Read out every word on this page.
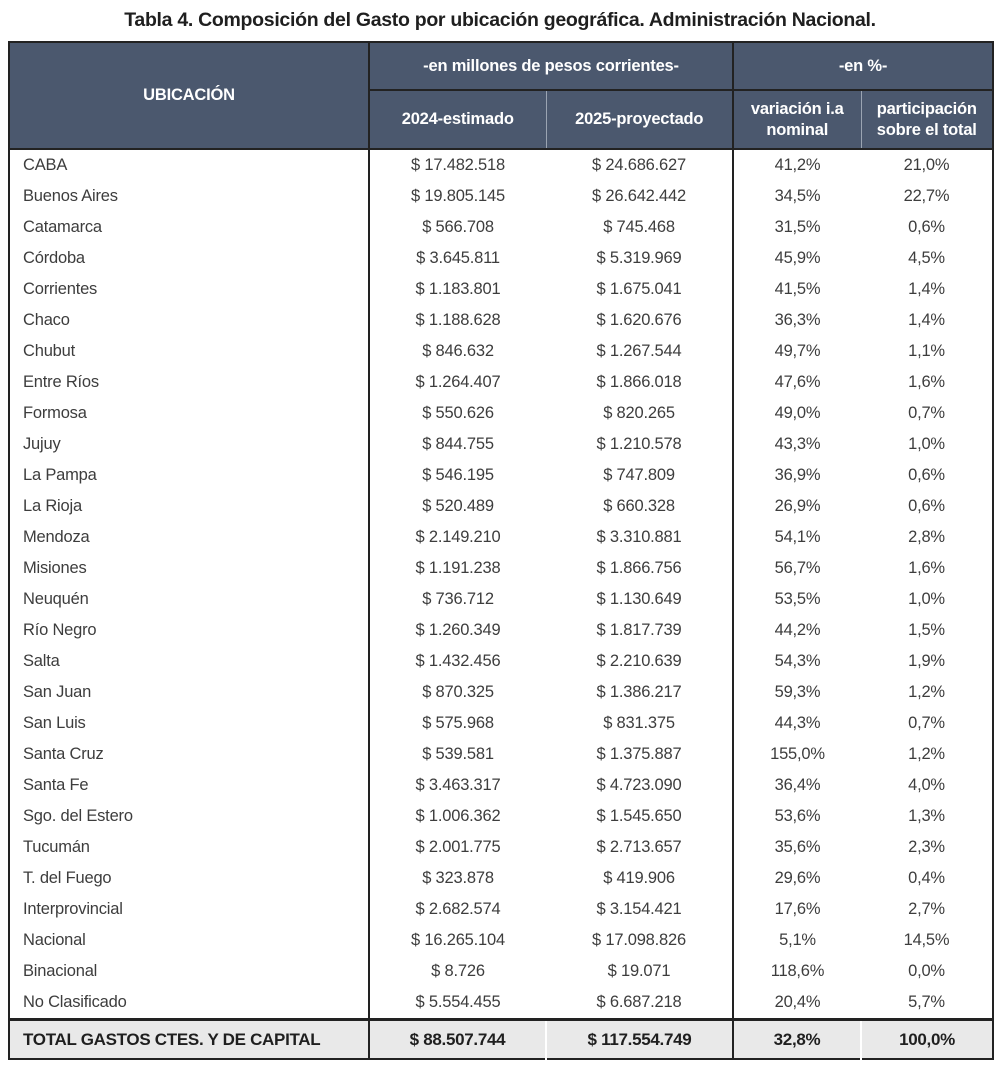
Tabla 4. Composición del Gasto por ubicación geográfica. Administración Nacional.
UBICACIÓN	-en millones de pesos corrientes-		-en %-	
	2024-estimado	2025-proyectado	variación i.a nominal	participación sobre el total
CABA	$ 17.482.518	$ 24.686.627	41,2%	21,0%
Buenos Aires	$ 19.805.145	$ 26.642.442	34,5%	22,7%
Catamarca	$ 566.708	$ 745.468	31,5%	0,6%
Córdoba	$ 3.645.811	$ 5.319.969	45,9%	4,5%
Corrientes	$ 1.183.801	$ 1.675.041	41,5%	1,4%
Chaco	$ 1.188.628	$ 1.620.676	36,3%	1,4%
Chubut	$ 846.632	$ 1.267.544	49,7%	1,1%
Entre Ríos	$ 1.264.407	$ 1.866.018	47,6%	1,6%
Formosa	$ 550.626	$ 820.265	49,0%	0,7%
Jujuy	$ 844.755	$ 1.210.578	43,3%	1,0%
La Pampa	$ 546.195	$ 747.809	36,9%	0,6%
La Rioja	$ 520.489	$ 660.328	26,9%	0,6%
Mendoza	$ 2.149.210	$ 3.310.881	54,1%	2,8%
Misiones	$ 1.191.238	$ 1.866.756	56,7%	1,6%
Neuquén	$ 736.712	$ 1.130.649	53,5%	1,0%
Río Negro	$ 1.260.349	$ 1.817.739	44,2%	1,5%
Salta	$ 1.432.456	$ 2.210.639	54,3%	1,9%
San Juan	$ 870.325	$ 1.386.217	59,3%	1,2%
San Luis	$ 575.968	$ 831.375	44,3%	0,7%
Santa Cruz	$ 539.581	$ 1.375.887	155,0%	1,2%
Santa Fe	$ 3.463.317	$ 4.723.090	36,4%	4,0%
Sgo. del Estero	$ 1.006.362	$ 1.545.650	53,6%	1,3%
Tucumán	$ 2.001.775	$ 2.713.657	35,6%	2,3%
T. del Fuego	$ 323.878	$ 419.906	29,6%	0,4%
Interprovincial	$ 2.682.574	$ 3.154.421	17,6%	2,7%
Nacional	$ 16.265.104	$ 17.098.826	5,1%	14,5%
Binacional	$ 8.726	$ 19.071	118,6%	0,0%
No Clasificado	$ 5.554.455	$ 6.687.218	20,4%	5,7%
TOTAL GASTOS CTES. Y DE CAPITAL	$ 88.507.744	$ 117.554.749	32,8%	100,0%
